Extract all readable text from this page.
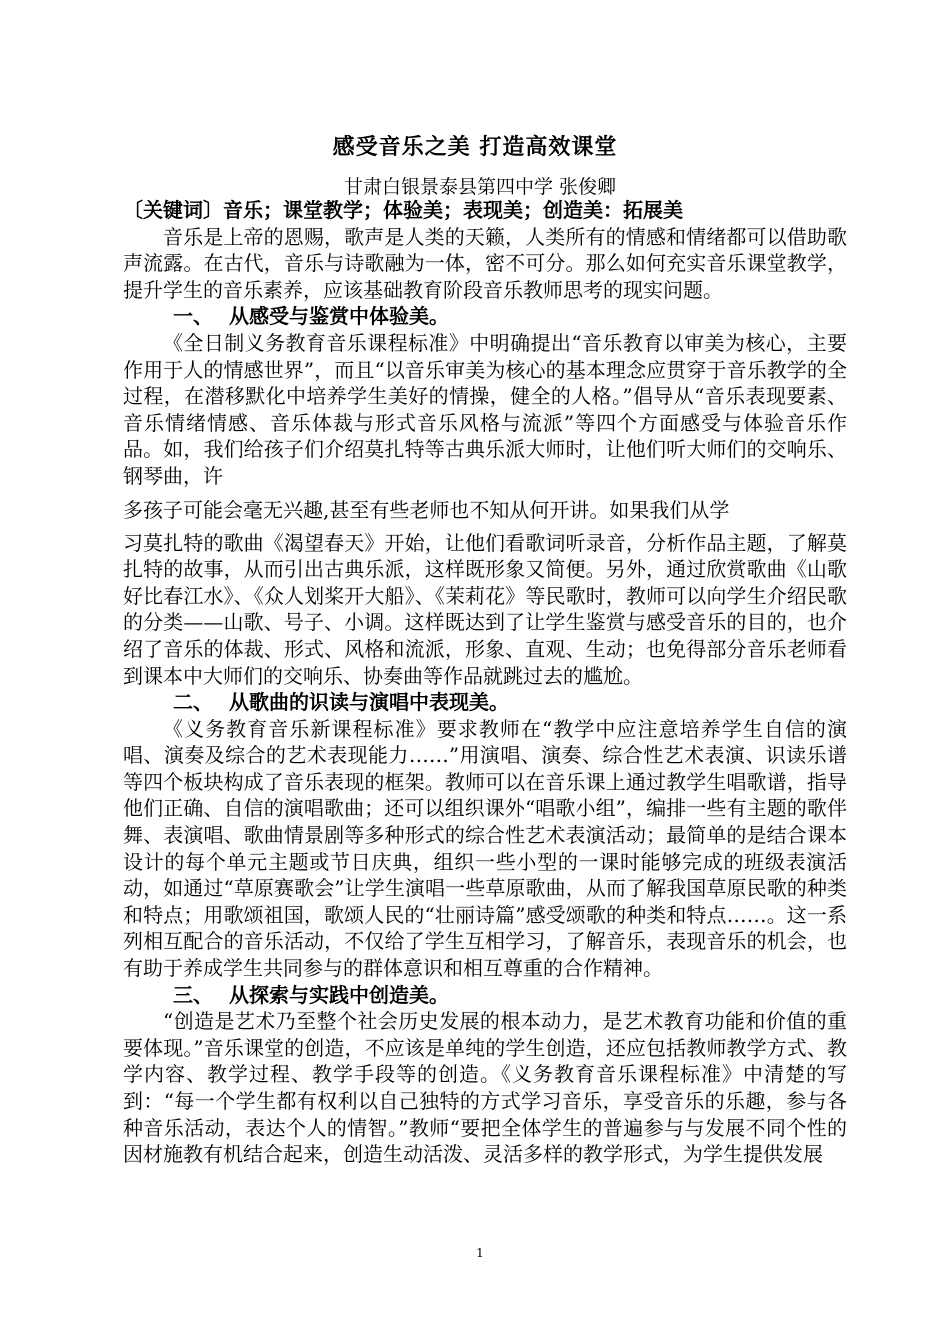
感受音乐之美 打造高效课堂
甘肃白银景泰县第四中学 张俊卿

〔关键词〕音乐；课堂教学；体验美；表现美；创造美：拓展美

音乐是上帝的恩赐，歌声是人类的天籁，人类所有的情感和情绪都可以借助歌声流露。在古代，音乐与诗歌融为一体，密不可分。那么如何充实音乐课堂教学，提升学生的音乐素养，应该基础教育阶段音乐教师思考的现实问题。

一、 从感受与鉴赏中体验美。

《全日制义务教育音乐课程标准》中明确提出“音乐教育以审美为核心，主要作用于人的情感世界”，而且“以音乐审美为核心的基本理念应贯穿于音乐教学的全过程，在潜移默化中培养学生美好的情操，健全的人格。”倡导从“音乐表现要素、音乐情绪情感、音乐体裁与形式音乐风格与流派”等四个方面感受与体验音乐作品。如，我们给孩子们介绍莫扎特等古典乐派大师时，让他们听大师们的交响乐、钢琴曲，许

多孩子可能会毫无兴趣,甚至有些老师也不知从何开讲。如果我们从学

习莫扎特的歌曲《渴望春天》开始，让他们看歌词听录音，分析作品主题，了解莫扎特的故事，从而引出古典乐派，这样既形象又简便。另外，通过欣赏歌曲《山歌好比春江水》、《众人划桨开大船》、《茉莉花》等民歌时，教师可以向学生介绍民歌的分类——山歌、号子、小调。这样既达到了让学生鉴赏与感受音乐的目的，也介绍了音乐的体裁、形式、风格和流派，形象、直观、生动；也免得部分音乐老师看到课本中大师们的交响乐、协奏曲等作品就跳过去的尴尬。

二、 从歌曲的识读与演唱中表现美。

《义务教育音乐新课程标准》要求教师在“教学中应注意培养学生自信的演唱、演奏及综合的艺术表现能力……”用演唱、演奏、综合性艺术表演、识读乐谱等四个板块构成了音乐表现的框架。教师可以在音乐课上通过教学生唱歌谱，指导他们正确、自信的演唱歌曲；还可以组织课外“唱歌小组”，编排一些有主题的歌伴舞、表演唱、歌曲情景剧等多种形式的综合性艺术表演活动；最简单的是结合课本设计的每个单元主题或节日庆典，组织一些小型的一课时能够完成的班级表演活动，如通过“草原赛歌会”让学生演唱一些草原歌曲，从而了解我国草原民歌的种类和特点；用歌颂祖国，歌颂人民的“壮丽诗篇”感受颂歌的种类和特点……。这一系列相互配合的音乐活动，不仅给了学生互相学习，了解音乐，表现音乐的机会，也有助于养成学生共同参与的群体意识和相互尊重的合作精神。

三、 从探索与实践中创造美。

“创造是艺术乃至整个社会历史发展的根本动力，是艺术教育功能和价值的重要体现。”音乐课堂的创造，不应该是单纯的学生创造，还应包括教师教学方式、教学内容、教学过程、教学手段等的创造。《义务教育音乐课程标准》中清楚的写到：“每一个学生都有权利以自己独特的方式学习音乐，享受音乐的乐趣，参与各种音乐活动，表达个人的情智。”教师“要把全体学生的普遍参与与发展不同个性的因材施教有机结合起来，创造生动活泼、灵活多样的教学形式，为学生提供发展

1
